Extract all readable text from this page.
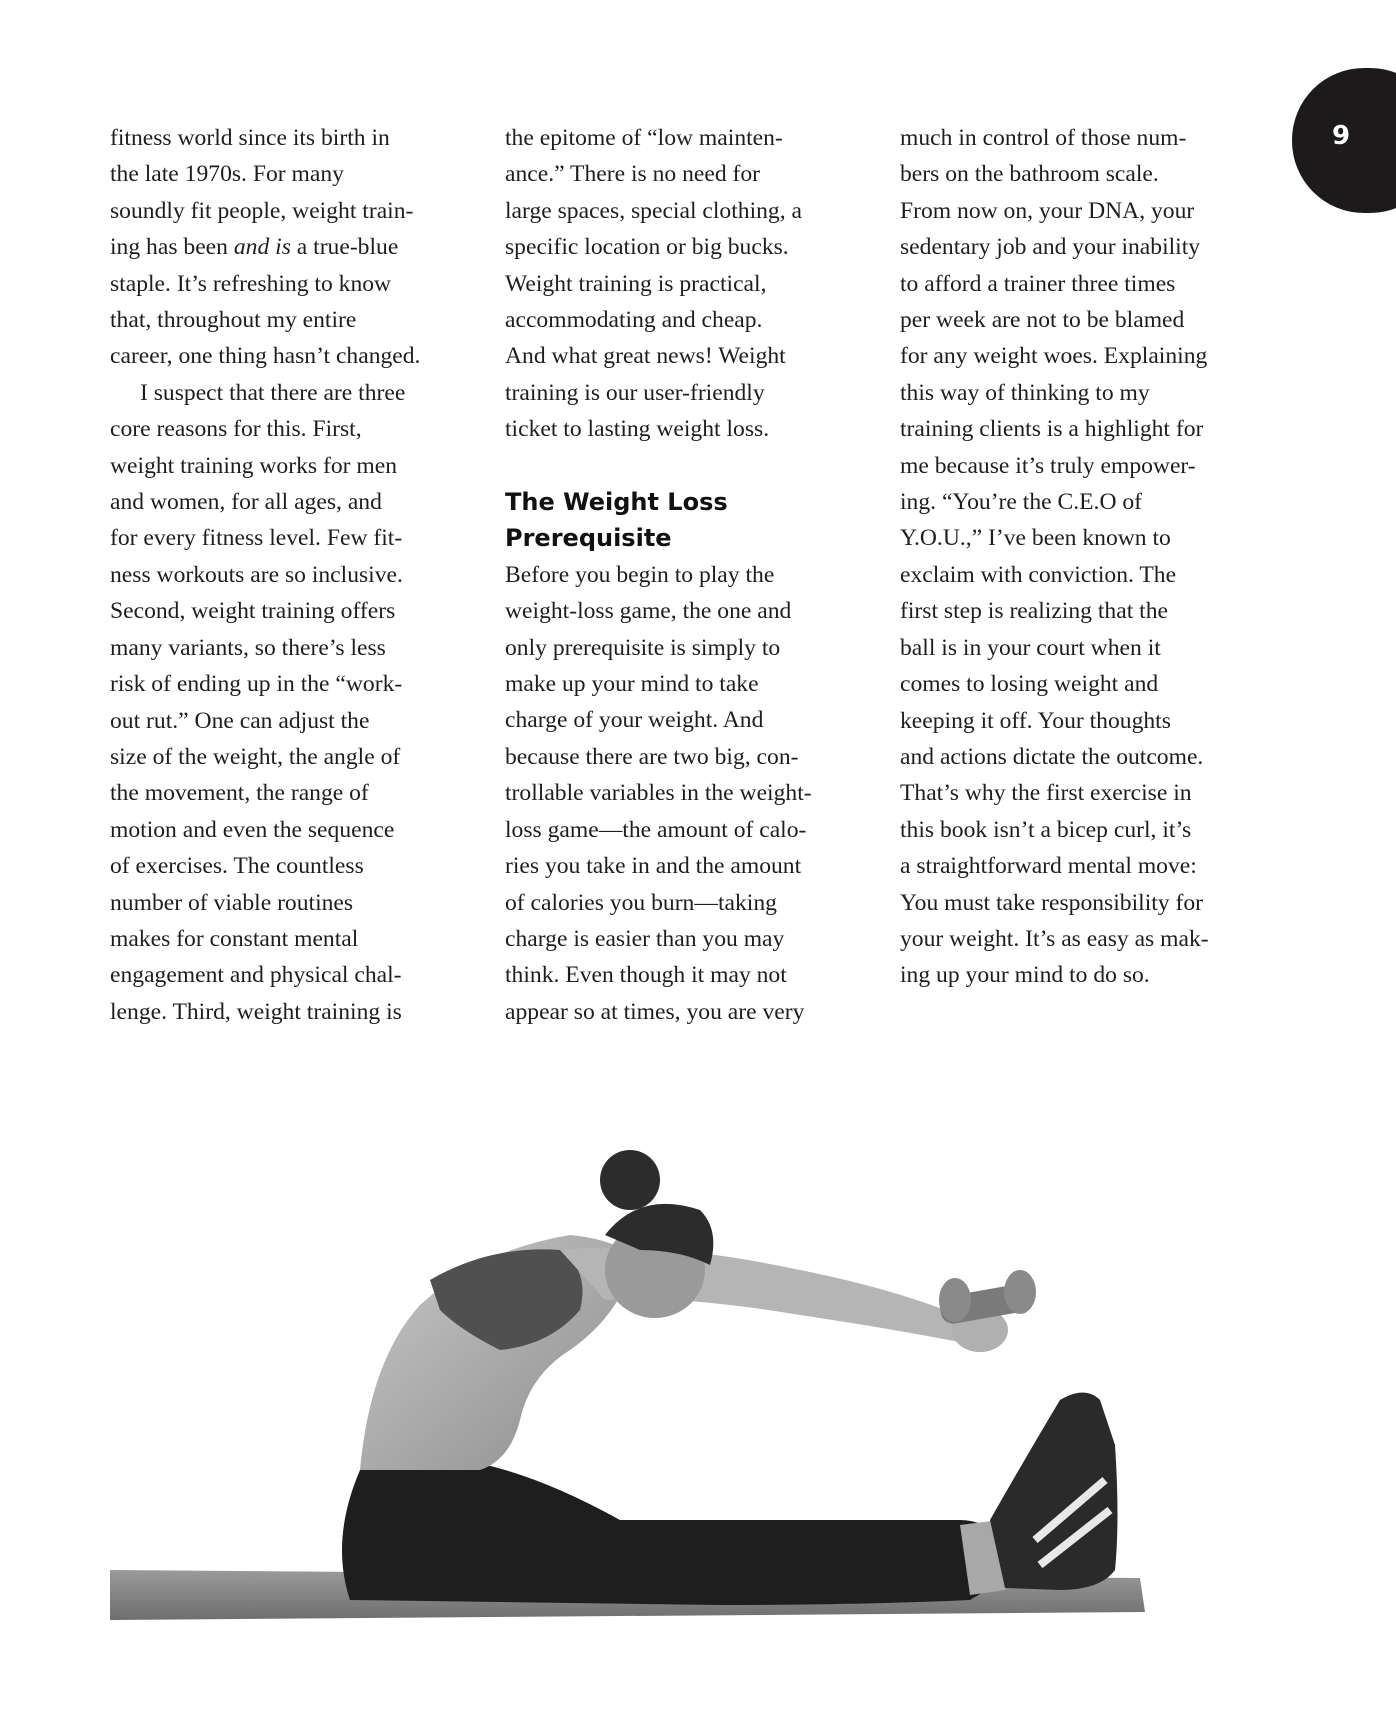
9

fitness world since its birth in
the late 1970s. For many
soundly fit people, weight train-
ing has been and is a true-blue
staple. It’s refreshing to know
that, throughout my entire
career, one thing hasn’t changed.

I suspect that there are three
core reasons for this. First,
weight training works for men
and women, for all ages, and
for every fitness level. Few fit-
ness workouts are so inclusive.
Second, weight training offers
many variants, so there’s less
risk of ending up in the “work-
out rut.” One can adjust the
size of the weight, the angle of
the movement, the range of
motion and even the sequence
of exercises. The countless
number of viable routines
makes for constant mental
engagement and physical chal-
lenge. Third, weight training is

the epitome of “low mainten-
ance.” There is no need for
large spaces, special clothing, a
specific location or big bucks.
Weight training is practical,
accommodating and cheap.
And what great news! Weight
training is our user-friendly
ticket to lasting weight loss.

The Weight Loss
Prerequisite

Before you begin to play the
weight-loss game, the one and
only prerequisite is simply to
make up your mind to take
charge of your weight. And
because there are two big, con-
trollable variables in the weight-
loss game—the amount of calo-
ries you take in and the amount
of calories you burn—taking
charge is easier than you may
think. Even though it may not
appear so at times, you are very

much in control of those num-
bers on the bathroom scale.
From now on, your DNA, your
sedentary job and your inability
to afford a trainer three times
per week are not to be blamed
for any weight woes. Explaining
this way of thinking to my
training clients is a highlight for
me because it’s truly empower-
ing. “You’re the C.E.O of
Y.O.U.,” I’ve been known to
exclaim with conviction. The
first step is realizing that the
ball is in your court when it
comes to losing weight and
keeping it off. Your thoughts
and actions dictate the outcome.
That’s why the first exercise in
this book isn’t a bicep curl, it’s
a straightforward mental move:
You must take responsibility for
your weight. It’s as easy as mak-
ing up your mind to do so.
